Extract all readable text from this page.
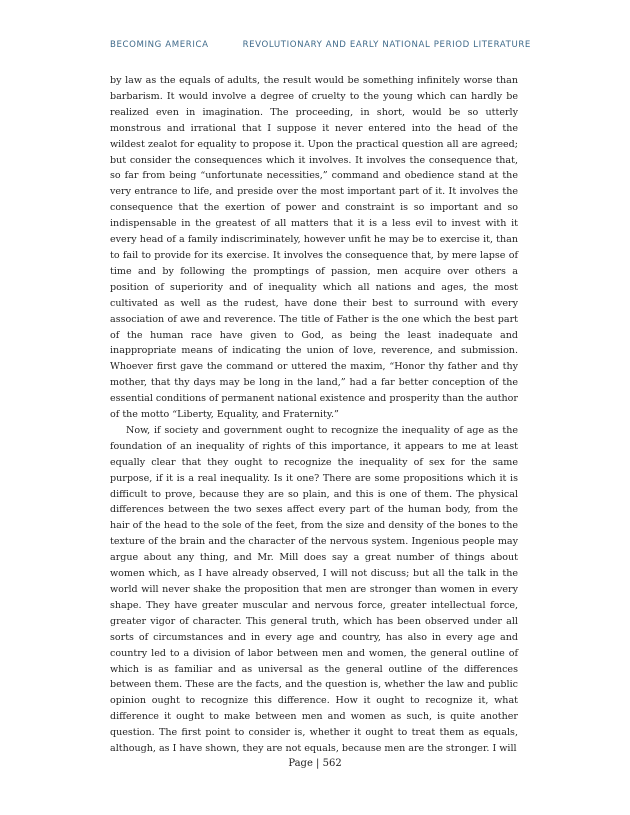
BECOMING AMERICA	REVOLUTIONARY AND EARLY NATIONAL PERIOD LITERATURE

by law as the equals of adults, the result would be something infinitely worse than barbarism. It would involve a degree of cruelty to the young which can hardly be realized even in imagination. The proceeding, in short, would be so utterly monstrous and irrational that I suppose it never entered into the head of the wildest zealot for equality to propose it. Upon the practical question all are agreed; but consider the consequences which it involves. It involves the consequence that, so far from being “unfortunate necessities,” command and obedience stand at the very entrance to life, and preside over the most important part of it. It involves the consequence that the exertion of power and constraint is so important and so indispensable in the greatest of all matters that it is a less evil to invest with it every head of a family indiscriminately, however unfit he may be to exercise it, than to fail to provide for its exercise. It involves the consequence that, by mere lapse of time and by following the promptings of passion, men acquire over others a position of superiority and of inequality which all nations and ages, the most cultivated as well as the rudest, have done their best to surround with every association of awe and reverence. The title of Father is the one which the best part of the human race have given to God, as being the least inadequate and inappropriate means of indicating the union of love, reverence, and submission. Whoever first gave the command or uttered the maxim, “Honor thy father and thy mother, that thy days may be long in the land,” had a far better conception of the essential conditions of permanent national existence and prosperity than the author of the motto “Liberty, Equality, and Fraternity.”

Now, if society and government ought to recognize the inequality of age as the foundation of an inequality of rights of this importance, it appears to me at least equally clear that they ought to recognize the inequality of sex for the same purpose, if it is a real inequality. Is it one? There are some propositions which it is difficult to prove, because they are so plain, and this is one of them. The physical differences between the two sexes affect every part of the human body, from the hair of the head to the sole of the feet, from the size and density of the bones to the texture of the brain and the character of the nervous system. Ingenious people may argue about any thing, and Mr. Mill does say a great number of things about women which, as I have already observed, I will not discuss; but all the talk in the world will never shake the proposition that men are stronger than women in every shape. They have greater muscular and nervous force, greater intellectual force, greater vigor of character. This general truth, which has been observed under all sorts of circumstances and in every age and country, has also in every age and country led to a division of labor between men and women, the general outline of which is as familiar and as universal as the general outline of the differences between them. These are the facts, and the question is, whether the law and public opinion ought to recognize this difference. How it ought to recognize it, what difference it ought to make between men and women as such, is quite another question. The first point to consider is, whether it ought to treat them as equals, although, as I have shown, they are not equals, because men are the stronger. I will

Page | 562
